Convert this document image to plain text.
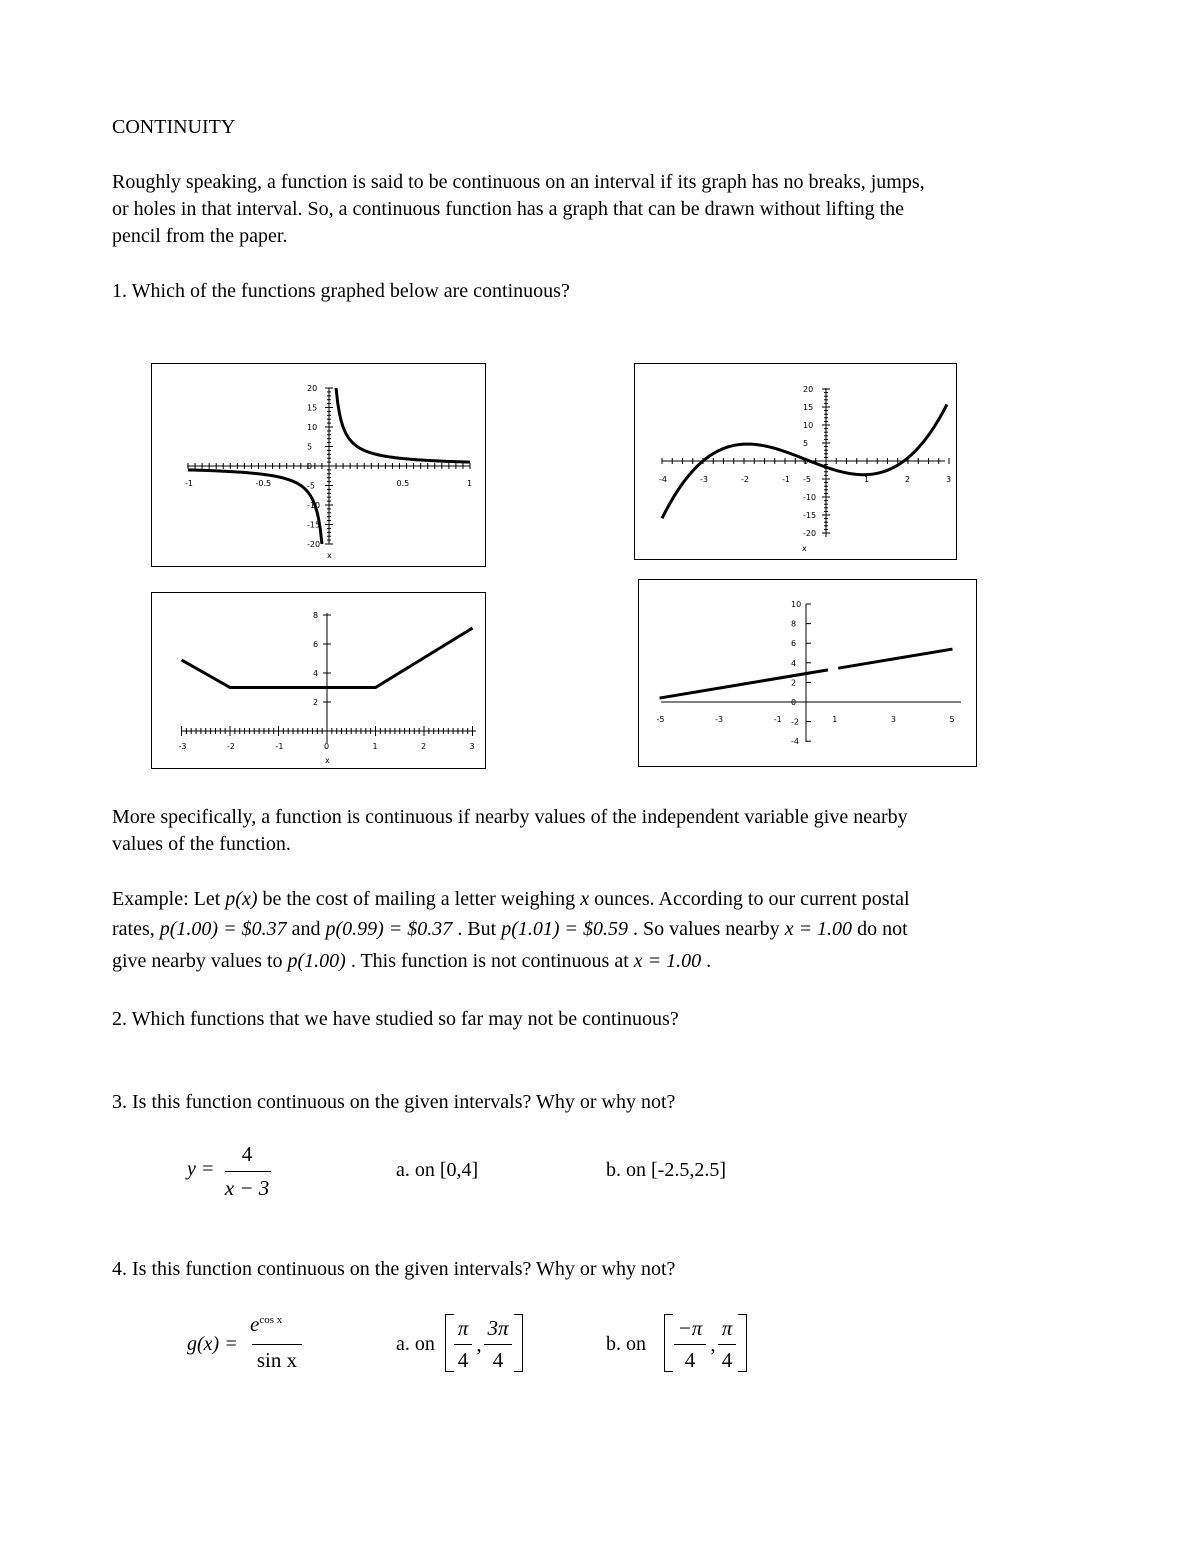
CONTINUITY
Roughly speaking, a function is said to be continuous on an interval if its graph has no breaks, jumps,
or holes in that interval. So, a continuous function has a graph that can be drawn without lifting the
pencil from the paper.
1. Which of the functions graphed below are continuous?
-1	-0.5	0.5	1
20
15
10
5
0
-5
-10
-15
-20
x
-4	-3	-2	-1	1	2	3
20
15
10
5
0
-5
-10
-15
-20
x
-3	-2	-1	0	1	2	3
8
6
4
2
x
-5	-3	-1	1	3	5
10
8
6
4
2
0
-2
-4
More specifically, a function is continuous if nearby values of the independent variable give nearby
values of the function.
Example: Let p(x) be the cost of mailing a letter weighing x ounces. According to our current postal
rates, p(1.00) = $0.37 and p(0.99) = $0.37 . But p(1.01) = $0.59 . So values nearby x = 1.00 do not
give nearby values to p(1.00) . This function is not continuous at x = 1.00 .
2. Which functions that we have studied so far may not be continuous?
3. Is this function continuous on the given intervals? Why or why not?
y =
4
x − 3
a. on [0,4]	b. on [-2.5,2.5]
4. Is this function continuous on the given intervals? Why or why not?
g(x) =
$e^{cos x}$
sin x
a. on
π
4
,
3π
4
b. on
−π
4
,
π
4
